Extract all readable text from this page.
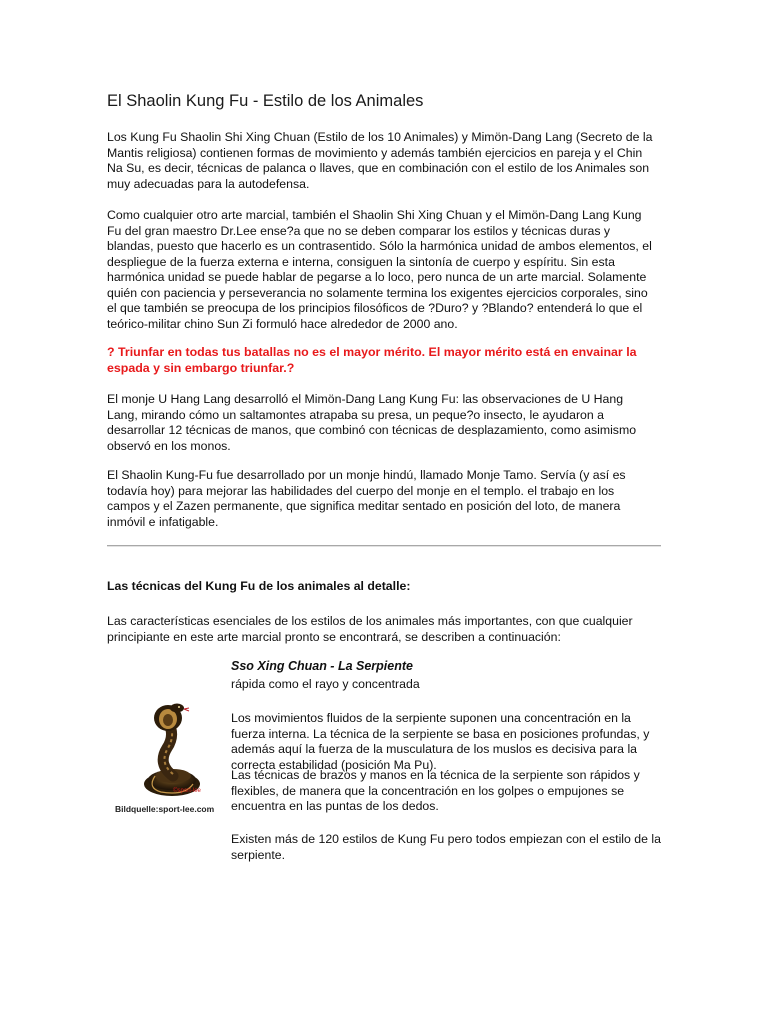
El Shaolin Kung Fu - Estilo de los Animales
Los Kung Fu Shaolin Shi Xing Chuan (Estilo de los 10 Animales) y Mimön-Dang Lang (Secreto de la Mantis religiosa) contienen formas de movimiento y además también ejercicios en pareja y el Chin Na Su, es decir, técnicas de palanca o llaves, que en combinación con el estilo de los Animales son muy adecuadas para la autodefensa.
Como cualquier otro arte marcial, también el Shaolin Shi Xing Chuan y el Mimön-Dang Lang Kung Fu del gran maestro Dr.Lee ense?a que no se deben comparar los estilos y técnicas duras y blandas, puesto que hacerlo es un contrasentido. Sólo la harmónica unidad de ambos elementos, el despliegue de la fuerza externa e interna, consiguen la sintonía de cuerpo y espíritu. Sin esta harmónica unidad se puede hablar de pegarse a lo loco, pero nunca de un arte marcial. Solamente quién con paciencia y perseverancia no solamente termina los exigentes ejercicios corporales, sino el que también se preocupa de los principios filosóficos de ?Duro? y ?Blando? entenderá lo que el teórico-militar chino Sun Zi formuló hace alrededor de 2000 ano.
? Triunfar en todas tus batallas no es el mayor mérito. El mayor mérito está en envainar la espada y sin embargo triunfar.?
El monje U Hang Lang desarrolló el Mimön-Dang Lang Kung Fu: las observaciones de U Hang Lang, mirando cómo un saltamontes atrapaba su presa, un peque?o insecto, le ayudaron a desarrollar 12 técnicas de manos, que combinó con técnicas de desplazamiento, como asimismo observó en los monos.
El Shaolin Kung-Fu fue desarrollado por un monje hindú, llamado Monje Tamo. Servía (y así es todavía hoy) para mejorar las habilidades del cuerpo del monje en el templo. el trabajo en los campos y el Zazen permanente, que significa meditar sentado en posición del loto, de manera inmóvil e infatigable.
Las técnicas del Kung Fu de los animales al detalle:
Las características esenciales de los estilos de los animales más importantes, con que cualquier principiante en este arte marcial pronto se encontrará, se describen a continuación:
©sport-lee
Bildquelle:sport-lee.com
Sso Xing Chuan - La Serpiente
rápida como el rayo y concentrada
Los movimientos fluidos de la serpiente suponen una concentración en la fuerza interna. La técnica de la serpiente se basa en posiciones profundas, y además aquí la fuerza de la musculatura de los muslos es decisiva para la correcta estabilidad (posición Ma Pu).
Las técnicas de brazos y manos en la técnica de la serpiente son rápidos y flexibles, de manera que la concentración en los golpes o empujones se encuentra en las puntas de los dedos.
Existen más de 120 estilos de Kung Fu pero todos empiezan con el estilo de la serpiente.
